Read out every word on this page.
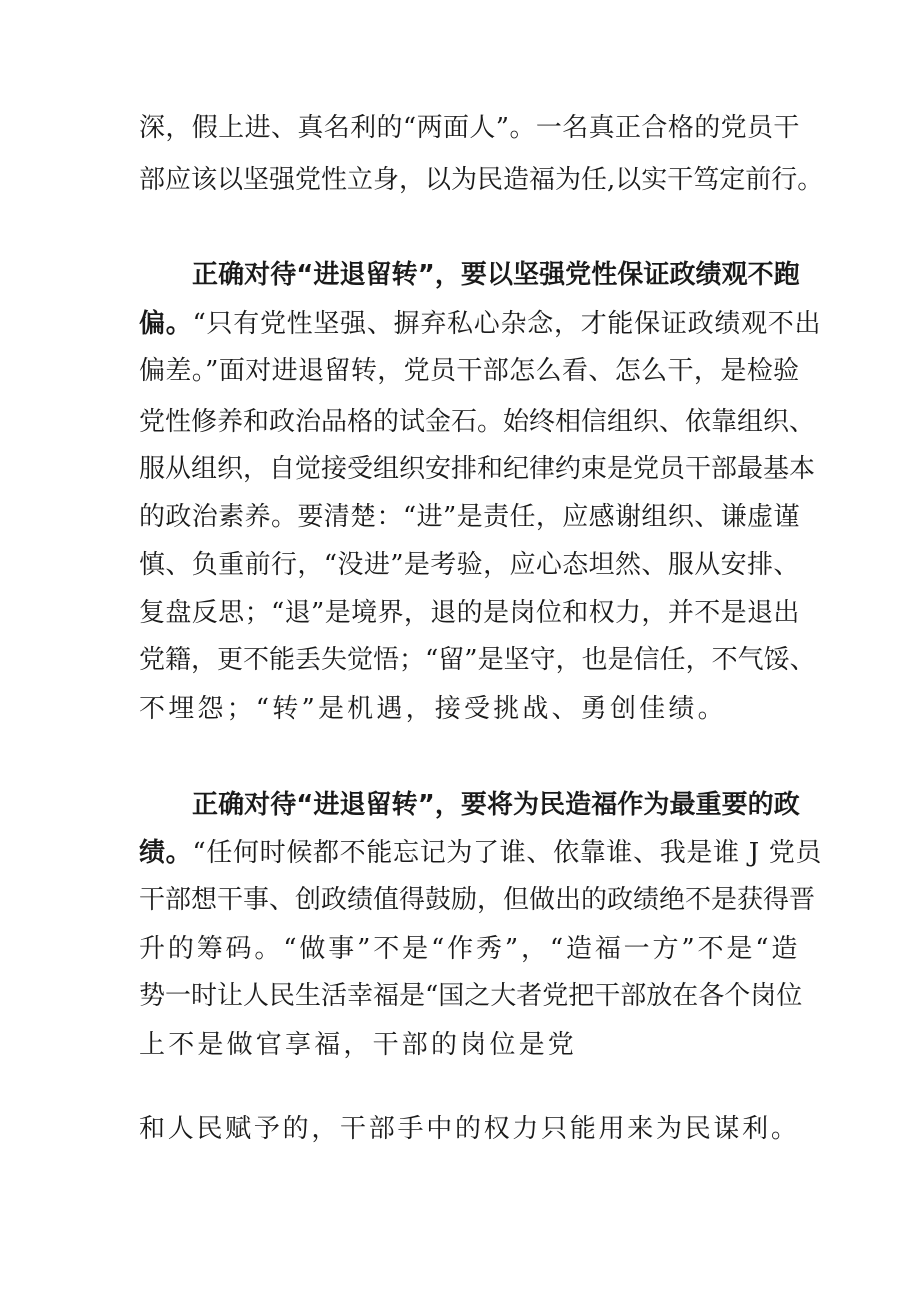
深，假上进、真名利的“两面人”。一名真正合格的党员干
部应该以坚强党性立身，以为民造福为任,以实干笃定前行。
正确对待“进退留转”，要以坚强党性保证政绩观不跑
偏。“只有党性坚强、摒弃私心杂念，才能保证政绩观不出
偏差。”面对进退留转，党员干部怎么看、怎么干，是检验
党性修养和政治品格的试金石。始终相信组织、依靠组织、
服从组织，自觉接受组织安排和纪律约束是党员干部最基本
的政治素养。要清楚：“进”是责任，应感谢组织、谦虚谨
慎、负重前行，“没进”是考验，应心态坦然、服从安排、
复盘反思；“退”是境界，退的是岗位和权力，并不是退出
党籍，更不能丢失觉悟；“留”是坚守，也是信任，不气馁、
不埋怨；“转”是机遇，接受挑战、勇创佳绩。
正确对待“进退留转”，要将为民造福作为最重要的政
绩。“任何时候都不能忘记为了谁、依靠谁、我是谁 J 党员
干部想干事、创政绩值得鼓励，但做出的政绩绝不是获得晋
升的筹码。“做事”不是“作秀”，“造福一方”不是“造
势一时让人民生活幸福是“国之大者党把干部放在各个岗位
上不是做官享福，干部的岗位是党
和人民赋予的，干部手中的权力只能用来为民谋利。
